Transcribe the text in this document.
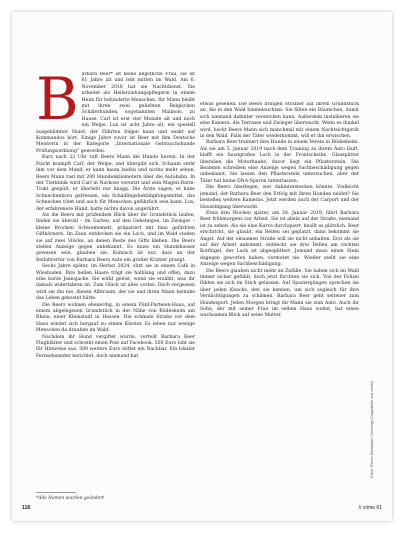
B arbara Beer* ist keine ängstliche Frau, sie ist 61 Jahre alt und lebt mitten im Wald. Am 6. November 2018 hat sie Nachtdienst. Sie arbeitet als Heilerziehungspflegerin in einem Heim für behinderte Menschen. Ihr Mann bleibt mit ihren zwei geliebten Belgischen Schäferhunden, sogenannten Malinois, zu Hause. Carl ist erst vier Monate alt und noch ein Welpe. Lux ist acht Jahre alt, ein speziell ausgebildeter Hund, der Fährten folgen kann und exakt auf Kommandos hört. Einige Jahre zuvor ist Beer mit ihm Deutsche Meisterin in der Kategorie „Internationale Gebrauchshunde Prüfungsordnung“ geworden.

Kurz nach 22 Uhr ruft Beers Mann die Hunde herein. In der Nacht krampft Carl, der Welpe, und übergibt sich. Schaum steht ihm vor dem Mund, er kann kaum laufen und nichts mehr sehen. Beers Mann rast mit 200 Stundenkilometern über die Autobahn. In der Tierklinik wird Carl in Narkose versetzt und sein Magen-Darm-Trakt gespült, er überlebt nur knapp. Die Ärzte sagen, er habe Schneckenkorn gefressen, ein Schädlingsbekämpfungsmittel, das Schnecken tötet und auch für Menschen gefährlich sein kann. Lux, der erfahrenere Hund, hatte nichts davon angerührt.

Als die Beers mit prüfendem Blick über ihr Grundstück laufen, finden sie überall – im Garten, auf den Gehsteigen, im Zwinger – kleine Brocken Schweinemett, präpariert mit blau gefärbten Giftkörnern. Im Zaun entdecken sie ein Loch, und im Wald stoßen sie auf zwei Stöcke, an denen Reste des Gifts kleben. Die Beers stellen Anzeige gegen unbekannt. Es muss ein Hundehasser gewesen sein, glauben sie. Komisch ist nur, dass an der Beifahrertür von Barbara Beers Auto ein großer Kratzer prangt.

Sechs Jahre später, im Herbst 2024, sitzt sie in einem Café in Wiesbaden. Ihre hellen Haare trägt sie halblang und offen, dazu eine kurze Jeansjacke. Sie wirkt gelöst, wenn sie erzählt, was ihr damals widerfahren ist. Zum Glück ist alles vorbei. Doch vergessen wird sie ihn nie, diesen Albtraum, der sie und ihren Mann beinahe das Leben gekostet hätte.

Die Beers wohnen ebenerdig, in einem Fünf-Parteien-Haus, auf einem abgelegenen Grundstück in der Nähe von Rüdesheim am Rhein, einer Kleinstadt in Hessen. Die schmale Straße vor dem Haus windet sich bergauf zu einem Kloster. Es leben nur wenige Menschen da draußen im Wald.

Nachdem ihr Hund vergiftet wurde, verteilt Barbara Beer Flugblätter und schreibt einen Post auf Facebook. 500 Euro lobt sie für Hinweise aus, 500 weitere Euro stiftet ein Nachbar. Ein lokaler Fernsehsender berichtet, doch niemand hat

etwas gesehen. Die Beers bringen Strahler auf ihrem Grundstück an, die in den Wald hineinleuchten. Sie fällen ein Bäumchen, damit sich niemand dahinter verstecken kann. Außerdem installieren sie eine Kamera, die Terrasse und Zwinger überwacht. Wenn es dunkel wird, hockt Beers Mann sich manchmal mit einem Nachtsichtgerät in den Wald. Falls der Täter wiederkommt, will er ihn erwischen.

Barbara Beer trainiert ihre Hunde in einem Verein in Rüdesheim. Als sie am 5. Januar 2019 nach dem Training zu ihrem Auto läuft, klafft ein faustgroßes Loch in der Frontscheibe. Glassplitter übersäen die Motorhaube, davor liegt ein Pflasterstein. Die Beamten schreiben eine Anzeige wegen Sachbeschädigung gegen unbekannt. Sie lassen den Pflasterstein untersuchen, aber der Täter hat keine DNA-Spuren hinterlassen.

Die Beers überlegen, wer dahinterstecken könnte. Vielleicht jemand, der Barbara Beer den Erfolg mit ihren Hunden neidet? Sie bestellen weitere Kameras. Jetzt werden auch der Carport und der Hauseingang überwacht.

Etwa drei Wochen später, am 28. Januar 2019, fährt Barbara Beer frühmorgens zur Arbeit. Sie ist allein auf der Straße, niemand ist zu sehen. Als sie eine Kurve durchquert, knallt es plötzlich. Beer erschrickt, sie glaubt, ein Reifen sei geplatzt, dann bekommt sie Angst. Auf der einsamen Straße will sie nicht anhalten. Erst als sie auf der Arbeit ankommt, entdeckt sie drei Dellen am rechten Kotflügel, der Lack ist abgesplittert. Jemand muss einen Stein dagegen geworfen haben, vermutet sie. Wieder stellt sie eine Anzeige wegen Sachbeschädigung.

Die Beers glauben nicht mehr an Zufälle. Sie haben sich im Wald immer sicher gefühlt, doch jetzt fürchten sie sich. Von der Polizei fühlen sie sich im Stich gelassen. Auf Spaziergängen sprechen sie über jeden Knacks, den sie kennen, um sich sogleich für ihre Verdächtigungen zu schämen. Barbara Beer geht seltener zum Hundesport. Jeden Morgen bringt ihr Mann sie zum Auto. Auch ihr Sohn, der mit seiner Frau im selben Haus wohnt, hat einen wachsamen Blick auf seine Mutter.

*Alle Namen wurden geändert
118	// crime 61
Fotos: Polizei Wiesbaden (Vorherige Doppelseite und rechts)
